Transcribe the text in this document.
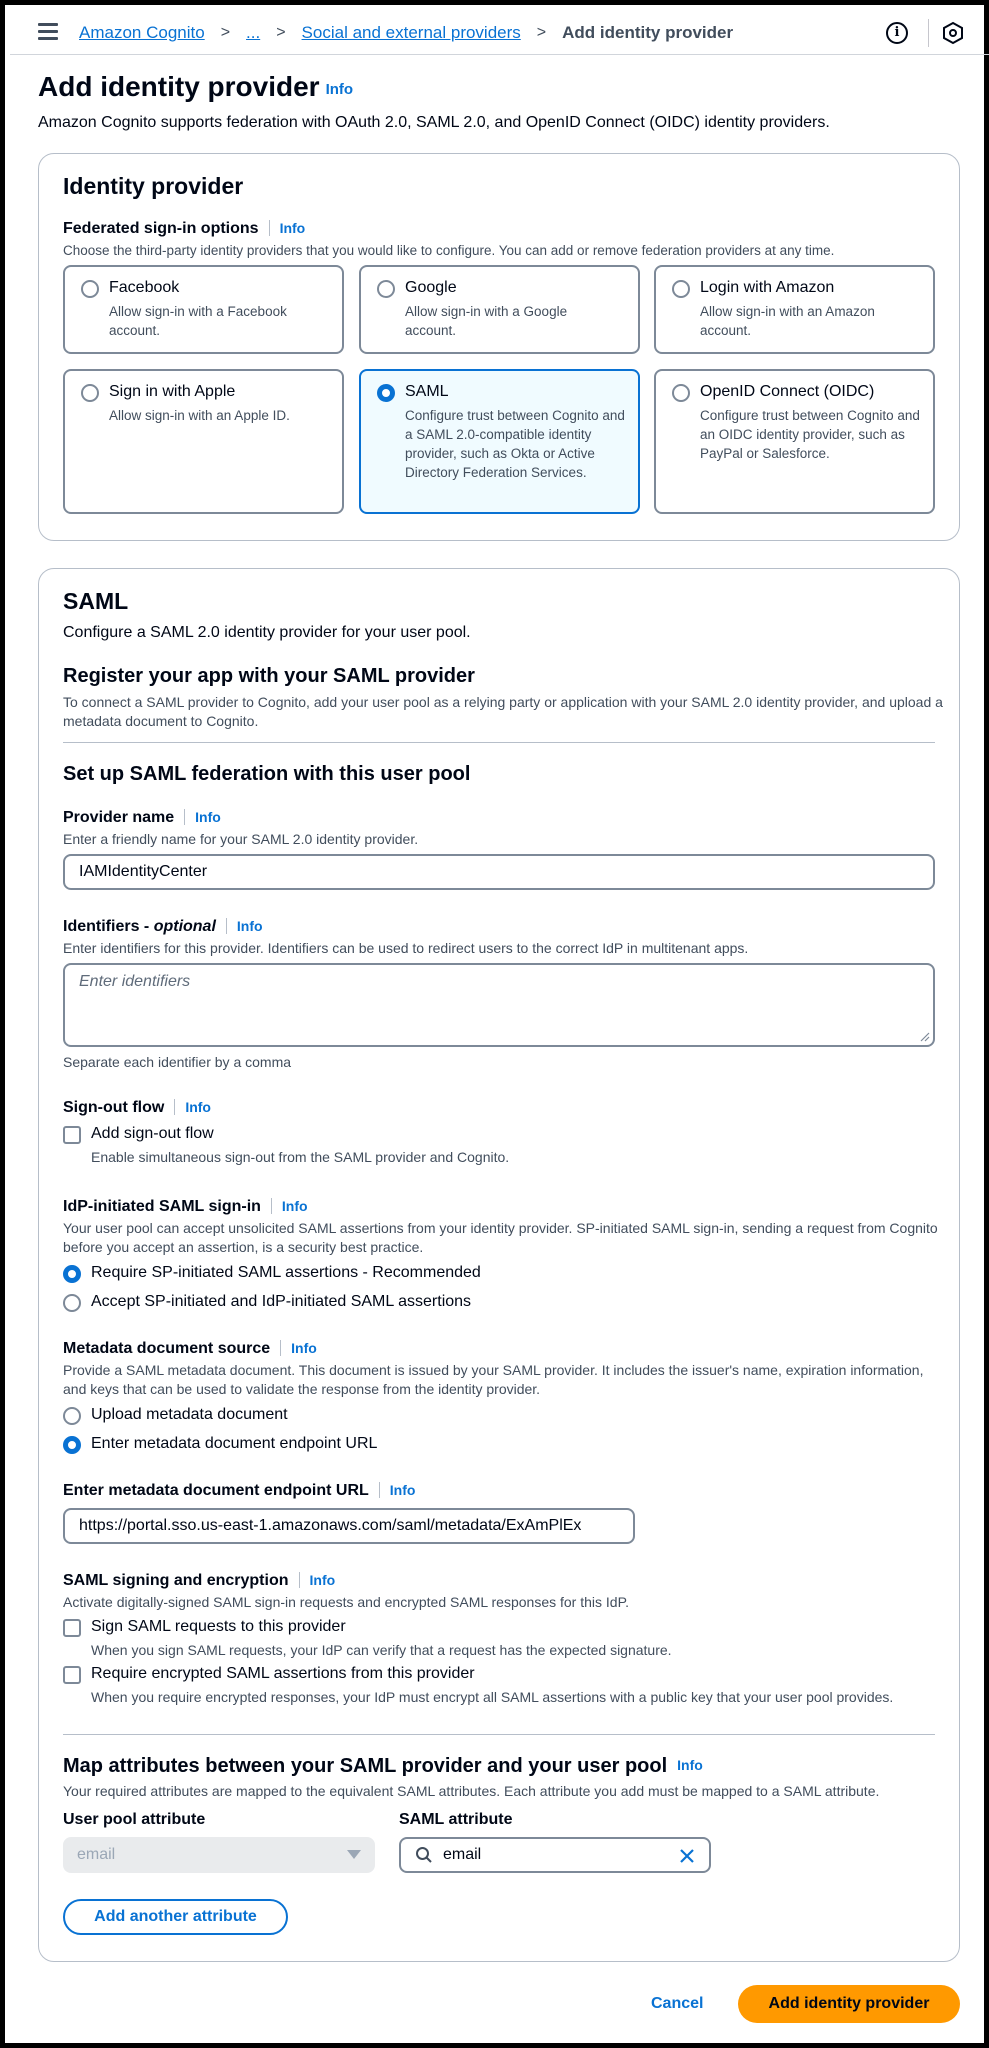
Amazon Cognito > ... > Social and external providers > Add identity provider	i
Add identity provider Info
Amazon Cognito supports federation with OAuth 2.0, SAML 2.0, and OpenID Connect (OIDC) identity providers.
Identity provider
Federated sign-in options Info
Choose the third-party identity providers that you would like to configure. You can add or remove federation providers at any time.
Facebook
Allow sign-in with a Facebook account.
Google
Allow sign-in with a Google account.
Login with Amazon
Allow sign-in with an Amazon account.
Sign in with Apple
Allow sign-in with an Apple ID.
SAML
Configure trust between Cognito and a SAML 2.0-compatible identity provider, such as Okta or Active Directory Federation Services.
OpenID Connect (OIDC)
Configure trust between Cognito and an OIDC identity provider, such as PayPal or Salesforce.
SAML
Configure a SAML 2.0 identity provider for your user pool.
Register your app with your SAML provider
To connect a SAML provider to Cognito, add your user pool as a relying party or application with your SAML 2.0 identity provider, and upload a metadata document to Cognito.
Set up SAML federation with this user pool
Provider name Info
Enter a friendly name for your SAML 2.0 identity provider.
IAMIdentityCenter
Identifiers - optional Info
Enter identifiers for this provider. Identifiers can be used to redirect users to the correct IdP in multitenant apps.
Enter identifiers
Separate each identifier by a comma
Sign-out flow Info
Add sign-out flow
Enable simultaneous sign-out from the SAML provider and Cognito.
IdP-initiated SAML sign-in Info
Your user pool can accept unsolicited SAML assertions from your identity provider. SP-initiated SAML sign-in, sending a request from Cognito before you accept an assertion, is a security best practice.
Require SP-initiated SAML assertions - Recommended
Accept SP-initiated and IdP-initiated SAML assertions
Metadata document source Info
Provide a SAML metadata document. This document is issued by your SAML provider. It includes the issuer's name, expiration information, and keys that can be used to validate the response from the identity provider.
Upload metadata document
Enter metadata document endpoint URL
Enter metadata document endpoint URL Info
https://portal.sso.us-east-1.amazonaws.com/saml/metadata/ExAmPlEx
SAML signing and encryption Info
Activate digitally-signed SAML sign-in requests and encrypted SAML responses for this IdP.
Sign SAML requests to this provider
When you sign SAML requests, your IdP can verify that a request has the expected signature.
Require encrypted SAML assertions from this provider
When you require encrypted responses, your IdP must encrypt all SAML assertions with a public key that your user pool provides.
Map attributes between your SAML provider and your user pool Info
Your required attributes are mapped to the equivalent SAML attributes. Each attribute you add must be mapped to a SAML attribute.
User pool attribute	SAML attribute
email	email
Add another attribute
Cancel	Add identity provider
